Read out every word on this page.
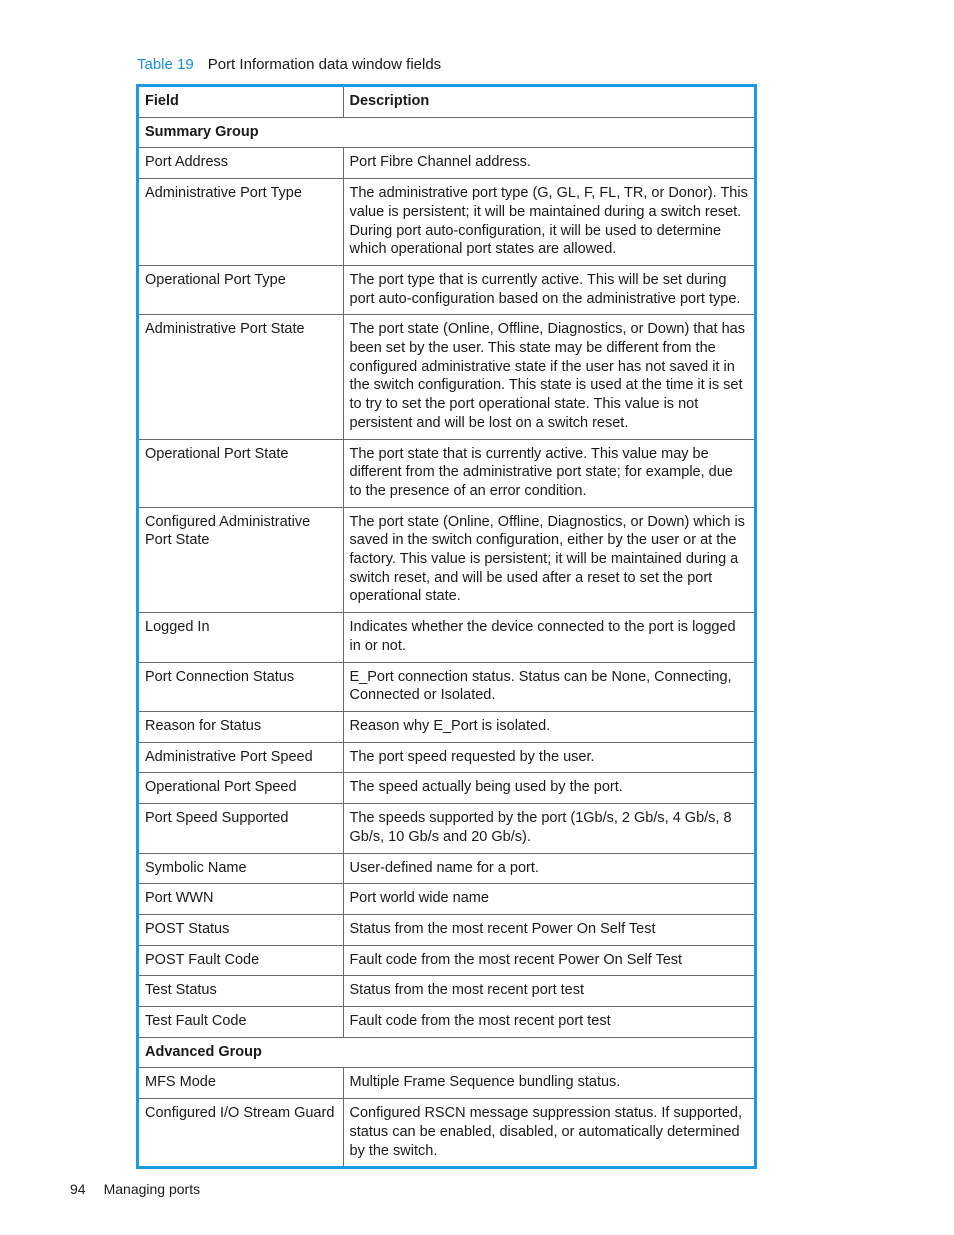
Table 19 Port Information data window fields
Field	Description
Summary Group	
Port Address	Port Fibre Channel address.
Administrative Port Type	The administrative port type (G, GL, F, FL, TR, or Donor). This value is persistent; it will be maintained during a switch reset. During port auto-configuration, it will be used to determine which operational port states are allowed.
Operational Port Type	The port type that is currently active. This will be set during port auto-configuration based on the administrative port type.
Administrative Port State	The port state (Online, Offline, Diagnostics, or Down) that has been set by the user. This state may be different from the configured administrative state if the user has not saved it in the switch configuration. This state is used at the time it is set to try to set the port operational state. This value is not persistent and will be lost on a switch reset.
Operational Port State	The port state that is currently active. This value may be different from the administrative port state; for example, due to the presence of an error condition.
Configured Administrative Port State	The port state (Online, Offline, Diagnostics, or Down) which is saved in the switch configuration, either by the user or at the factory. This value is persistent; it will be maintained during a switch reset, and will be used after a reset to set the port operational state.
Logged In	Indicates whether the device connected to the port is logged in or not.
Port Connection Status	E_Port connection status. Status can be None, Connecting, Connected or Isolated.
Reason for Status	Reason why E_Port is isolated.
Administrative Port Speed	The port speed requested by the user.
Operational Port Speed	The speed actually being used by the port.
Port Speed Supported	The speeds supported by the port (1Gb/s, 2 Gb/s, 4 Gb/s, 8 Gb/s, 10 Gb/s and 20 Gb/s).
Symbolic Name	User-defined name for a port.
Port WWN	Port world wide name
POST Status	Status from the most recent Power On Self Test
POST Fault Code	Fault code from the most recent Power On Self Test
Test Status	Status from the most recent port test
Test Fault Code	Fault code from the most recent port test
Advanced Group	
MFS Mode	Multiple Frame Sequence bundling status.
Configured I/O Stream Guard	Configured RSCN message suppression status. If supported, status can be enabled, disabled, or automatically determined by the switch.
94 Managing ports
